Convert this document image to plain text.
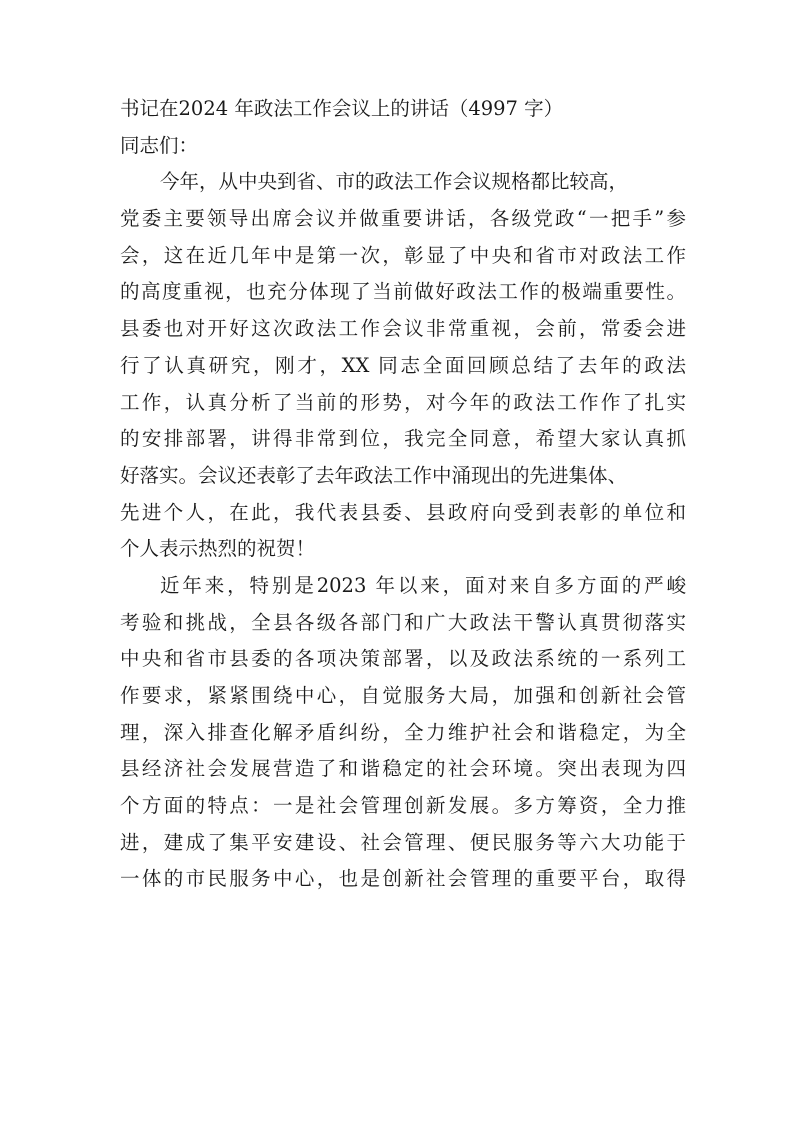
书记在2024 年政法工作会议上的讲话（4997 字）
同志们：
今年，从中央到省、市的政法工作会议规格都比较高，
党委主要领导出席会议并做重要讲话，各级党政“一把手”参
会，这在近几年中是第一次，彰显了中央和省市对政法工作
的高度重视，也充分体现了当前做好政法工作的极端重要性。
县委也对开好这次政法工作会议非常重视，会前，常委会进
行了认真研究，刚才，XX 同志全面回顾总结了去年的政法
工作，认真分析了当前的形势，对今年的政法工作作了扎实
的安排部署，讲得非常到位，我完全同意，希望大家认真抓
好落实。会议还表彰了去年政法工作中涌现出的先进集体、
先进个人，在此，我代表县委、县政府向受到表彰的单位和
个人表示热烈的祝贺！
近年来，特别是2023 年以来，面对来自多方面的严峻
考验和挑战，全县各级各部门和广大政法干警认真贯彻落实
中央和省市县委的各项决策部署，以及政法系统的一系列工
作要求，紧紧围绕中心，自觉服务大局，加强和创新社会管
理，深入排查化解矛盾纠纷，全力维护社会和谐稳定，为全
县经济社会发展营造了和谐稳定的社会环境。突出表现为四
个方面的特点：一是社会管理创新发展。多方筹资，全力推
进，建成了集平安建设、社会管理、便民服务等六大功能于
一体的市民服务中心，也是创新社会管理的重要平台，取得
